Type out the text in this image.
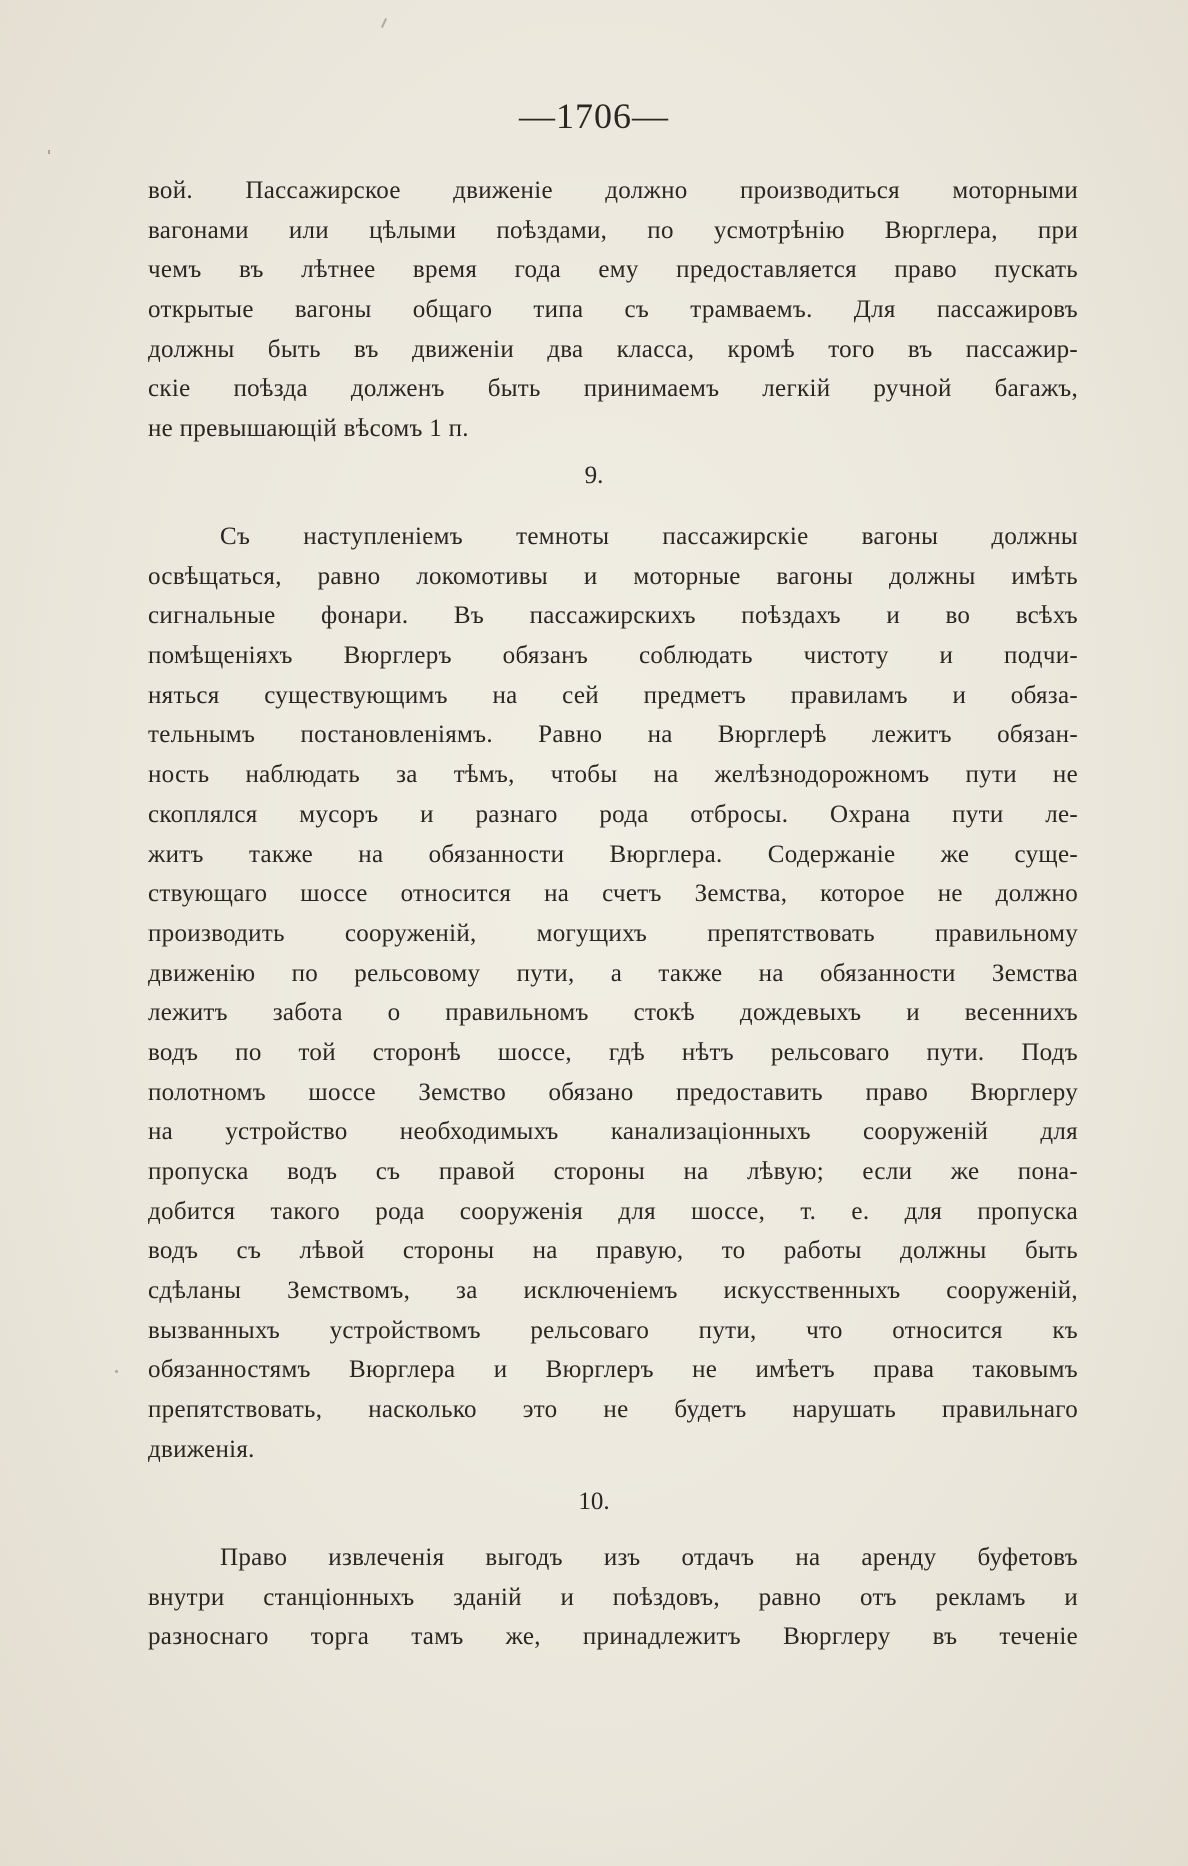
—1706—
вой. Пассажирское движеніе должно производиться моторными
вагонами или цѣлыми поѣздами, по усмотрѣнію Вюрглера, при
чемъ въ лѣтнее время года ему предоставляется право пускать
открытые вагоны общаго типа съ трамваемъ. Для пассажировъ
должны быть въ движеніи два класса, кромѣ того въ пассажир-
скіе поѣзда долженъ быть принимаемъ легкій ручной багажъ,
не превышающій вѣсомъ 1 п.
9.
Съ наступленіемъ темноты пассажирскіе вагоны должны
освѣщаться, равно локомотивы и моторные вагоны должны имѣть
сигнальные фонари. Въ пассажирскихъ поѣздахъ и во всѣхъ
помѣщеніяхъ Вюрглеръ обязанъ соблюдать чистоту и подчи-
няться существующимъ на сей предметъ правиламъ и обяза-
тельнымъ постановленіямъ. Равно на Вюрглерѣ лежитъ обязан-
ность наблюдать за тѣмъ, чтобы на желѣзнодорожномъ пути не
скоплялся мусоръ и разнаго рода отбросы. Охрана пути ле-
житъ также на обязанности Вюрглера. Содержаніе же суще-
ствующаго шоссе относится на счетъ Земства, которое не должно
производить сооруженій, могущихъ препятствовать правильному
движенію по рельсовому пути, а также на обязанности Земства
лежитъ забота о правильномъ стокѣ дождевыхъ и весеннихъ
водъ по той сторонѣ шоссе, гдѣ нѣтъ рельсоваго пути. Подъ
полотномъ шоссе Земство обязано предоставить право Вюрглеру
на устройство необходимыхъ канализаціонныхъ сооруженій для
пропуска водъ съ правой стороны на лѣвую; если же пона-
добится такого рода сооруженія для шоссе, т. е. для пропуска
водъ съ лѣвой стороны на правую, то работы должны быть
сдѣланы Земствомъ, за исключеніемъ искусственныхъ сооруженій,
вызванныхъ устройствомъ рельсоваго пути, что относится къ
обязанностямъ Вюрглера и Вюрглеръ не имѣетъ права таковымъ
препятствовать, насколько это не будетъ нарушать правильнаго
движенія.
10.
Право извлеченія выгодъ изъ отдачъ на аренду буфетовъ
внутри станціонныхъ зданій и поѣздовъ, равно отъ рекламъ и
разноснаго торга тамъ же, принадлежитъ Вюрглеру въ теченіе
